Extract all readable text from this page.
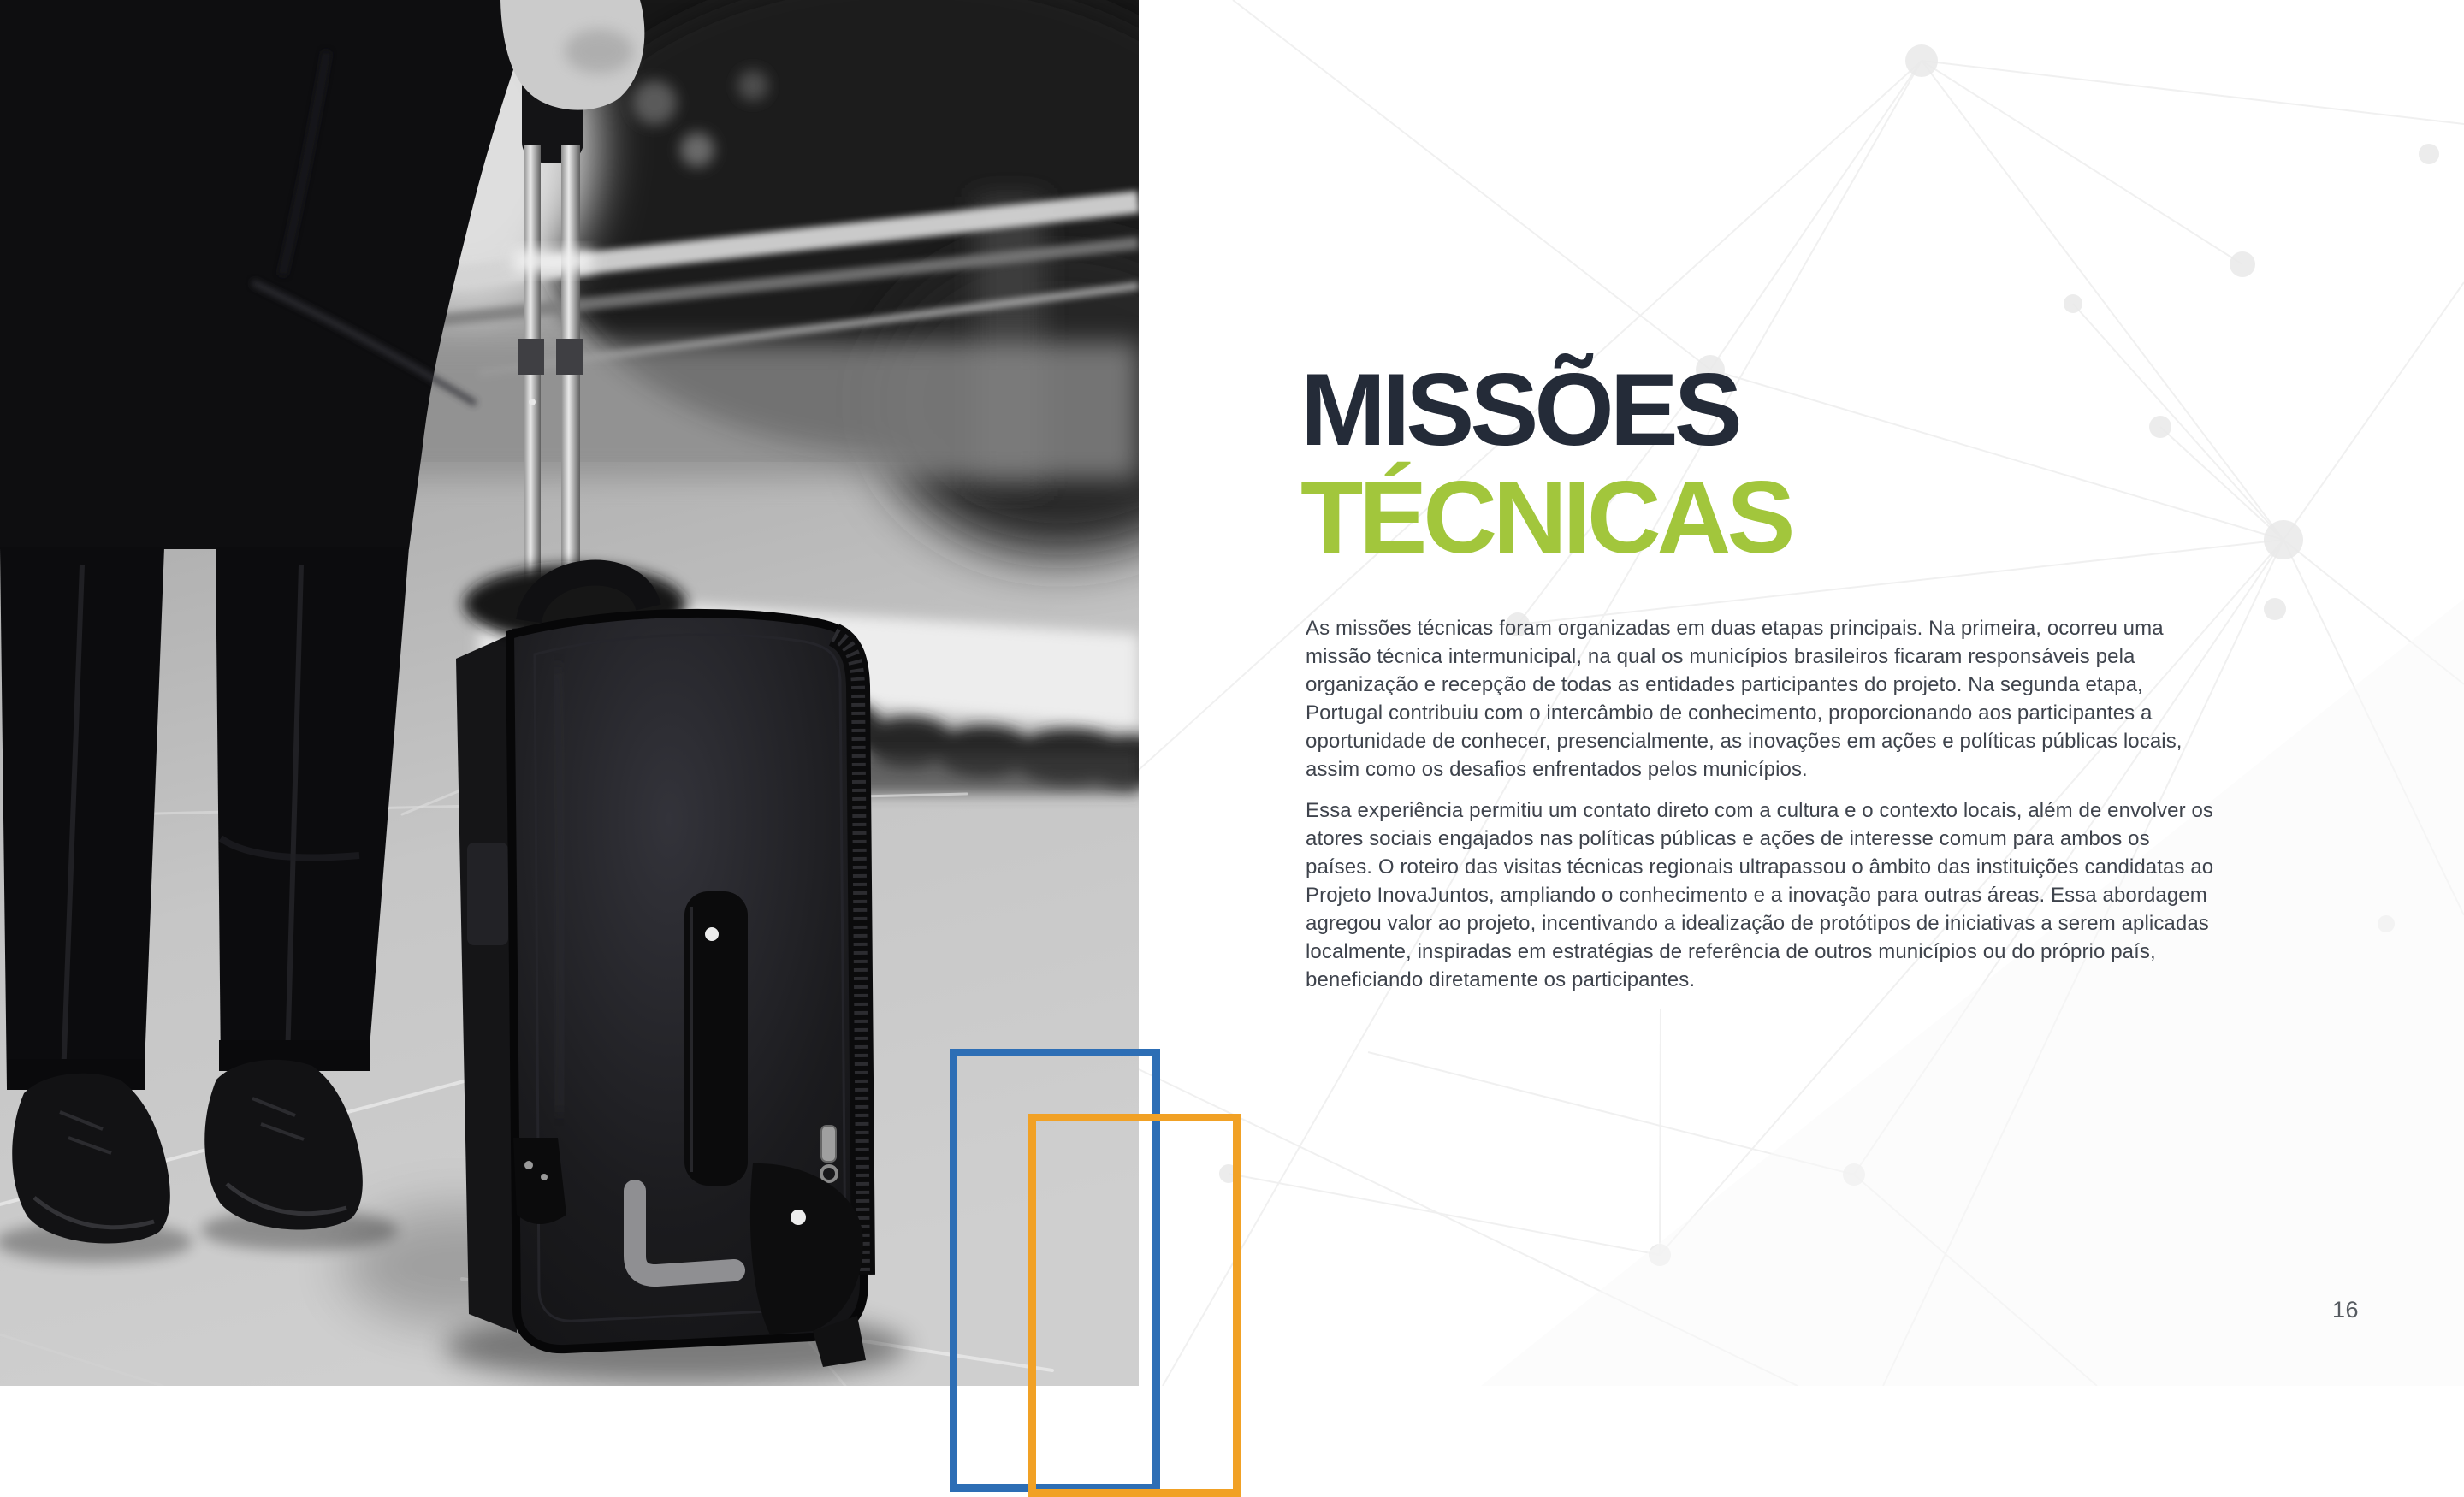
MISSÕES
TÉCNICAS

As missões técnicas foram organizadas em duas etapas principais. Na primeira, ocorreu uma missão técnica intermunicipal, na qual os municípios brasileiros ficaram responsáveis pela organização e recepção de todas as entidades participantes do projeto. Na segunda etapa, Portugal contribuiu com o intercâmbio de conhecimento, proporcionando aos participantes a oportunidade de conhecer, presencialmente, as inovações em ações e políticas públicas locais, assim como os desafios enfrentados pelos municípios.

Essa experiência permitiu um contato direto com a cultura e o contexto locais, além de envolver os atores sociais engajados nas políticas públicas e ações de interesse comum para ambos os países. O roteiro das visitas técnicas regionais ultrapassou o âmbito das instituições candidatas ao Projeto InovaJuntos, ampliando o conhecimento e a inovação para outras áreas. Essa abordagem agregou valor ao projeto, incentivando a idealização de protótipos de iniciativas a serem aplicadas localmente, inspiradas em estratégias de referência de outros municípios ou do próprio país, beneficiando diretamente os participantes.

16
